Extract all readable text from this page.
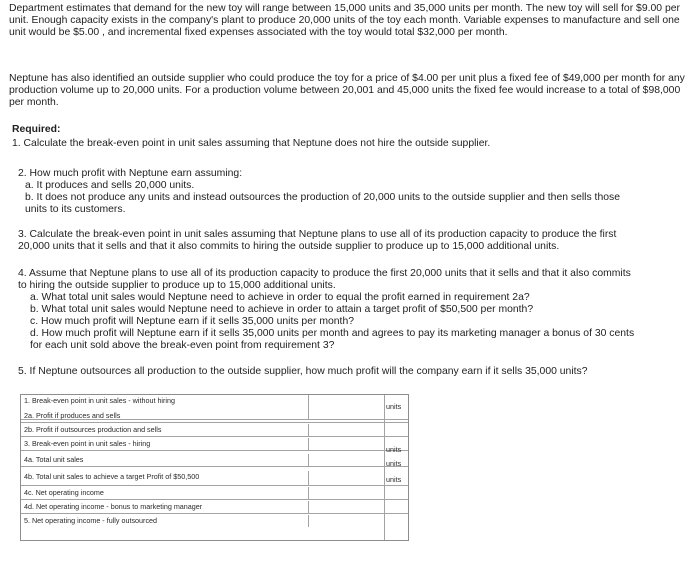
Department estimates that demand for the new toy will range between 15,000 units and 35,000 units per month. The new toy will sell for $9.00 per unit. Enough capacity exists in the company's plant to produce 20,000 units of the toy each month. Variable expenses to manufacture and sell one unit would be $5.00 , and incremental fixed expenses associated with the toy would total $32,000 per month.

Neptune has also identified an outside supplier who could produce the toy for a price of $4.00 per unit plus a fixed fee of $49,000 per month for any production volume up to 20,000 units. For a production volume between 20,001 and 45,000 units the fixed fee would increase to a total of $98,000 per month.

Required:

1. Calculate the break-even point in unit sales assuming that Neptune does not hire the outside supplier.

2. How much profit with Neptune earn assuming:

a. It produces and sells 20,000 units.

b. It does not produce any units and instead outsources the production of 20,000 units to the outside supplier and then sells those

units to its customers.

3. Calculate the break-even point in unit sales assuming that Neptune plans to use all of its production capacity to produce the first

20,000 units that it sells and that it also commits to hiring the outside supplier to produce up to 15,000 additional units.

4. Assume that Neptune plans to use all of its production capacity to produce the first 20,000 units that it sells and that it also commits

to hiring the outside supplier to produce up to 15,000 additional units.

a. What total unit sales would Neptune need to achieve in order to equal the profit earned in requirement 2a?

b. What total unit sales would Neptune need to achieve in order to attain a target profit of $50,500 per month?

c. How much profit will Neptune earn if it sells 35,000 units per month?

d. How much profit will Neptune earn if it sells 35,000 units per month and agrees to pay its marketing manager a bonus of 30 cents

for each unit sold above the break-even point from requirement 3?

5. If Neptune outsources all production to the outside supplier, how much profit will the company earn if it sells 35,000 units?

1. Break-even point in unit sales - without hiring
units
2a. Profit if produces and sells
2b. Profit if outsources production and sells
3. Break-even point in unit sales - hiring
units
4a. Total unit sales	units
4b. Total unit sales to achieve a target Profit of $50,500	units
4c. Net operating income
4d. Net operating income - bonus to marketing manager
5. Net operating income - fully outsourced
